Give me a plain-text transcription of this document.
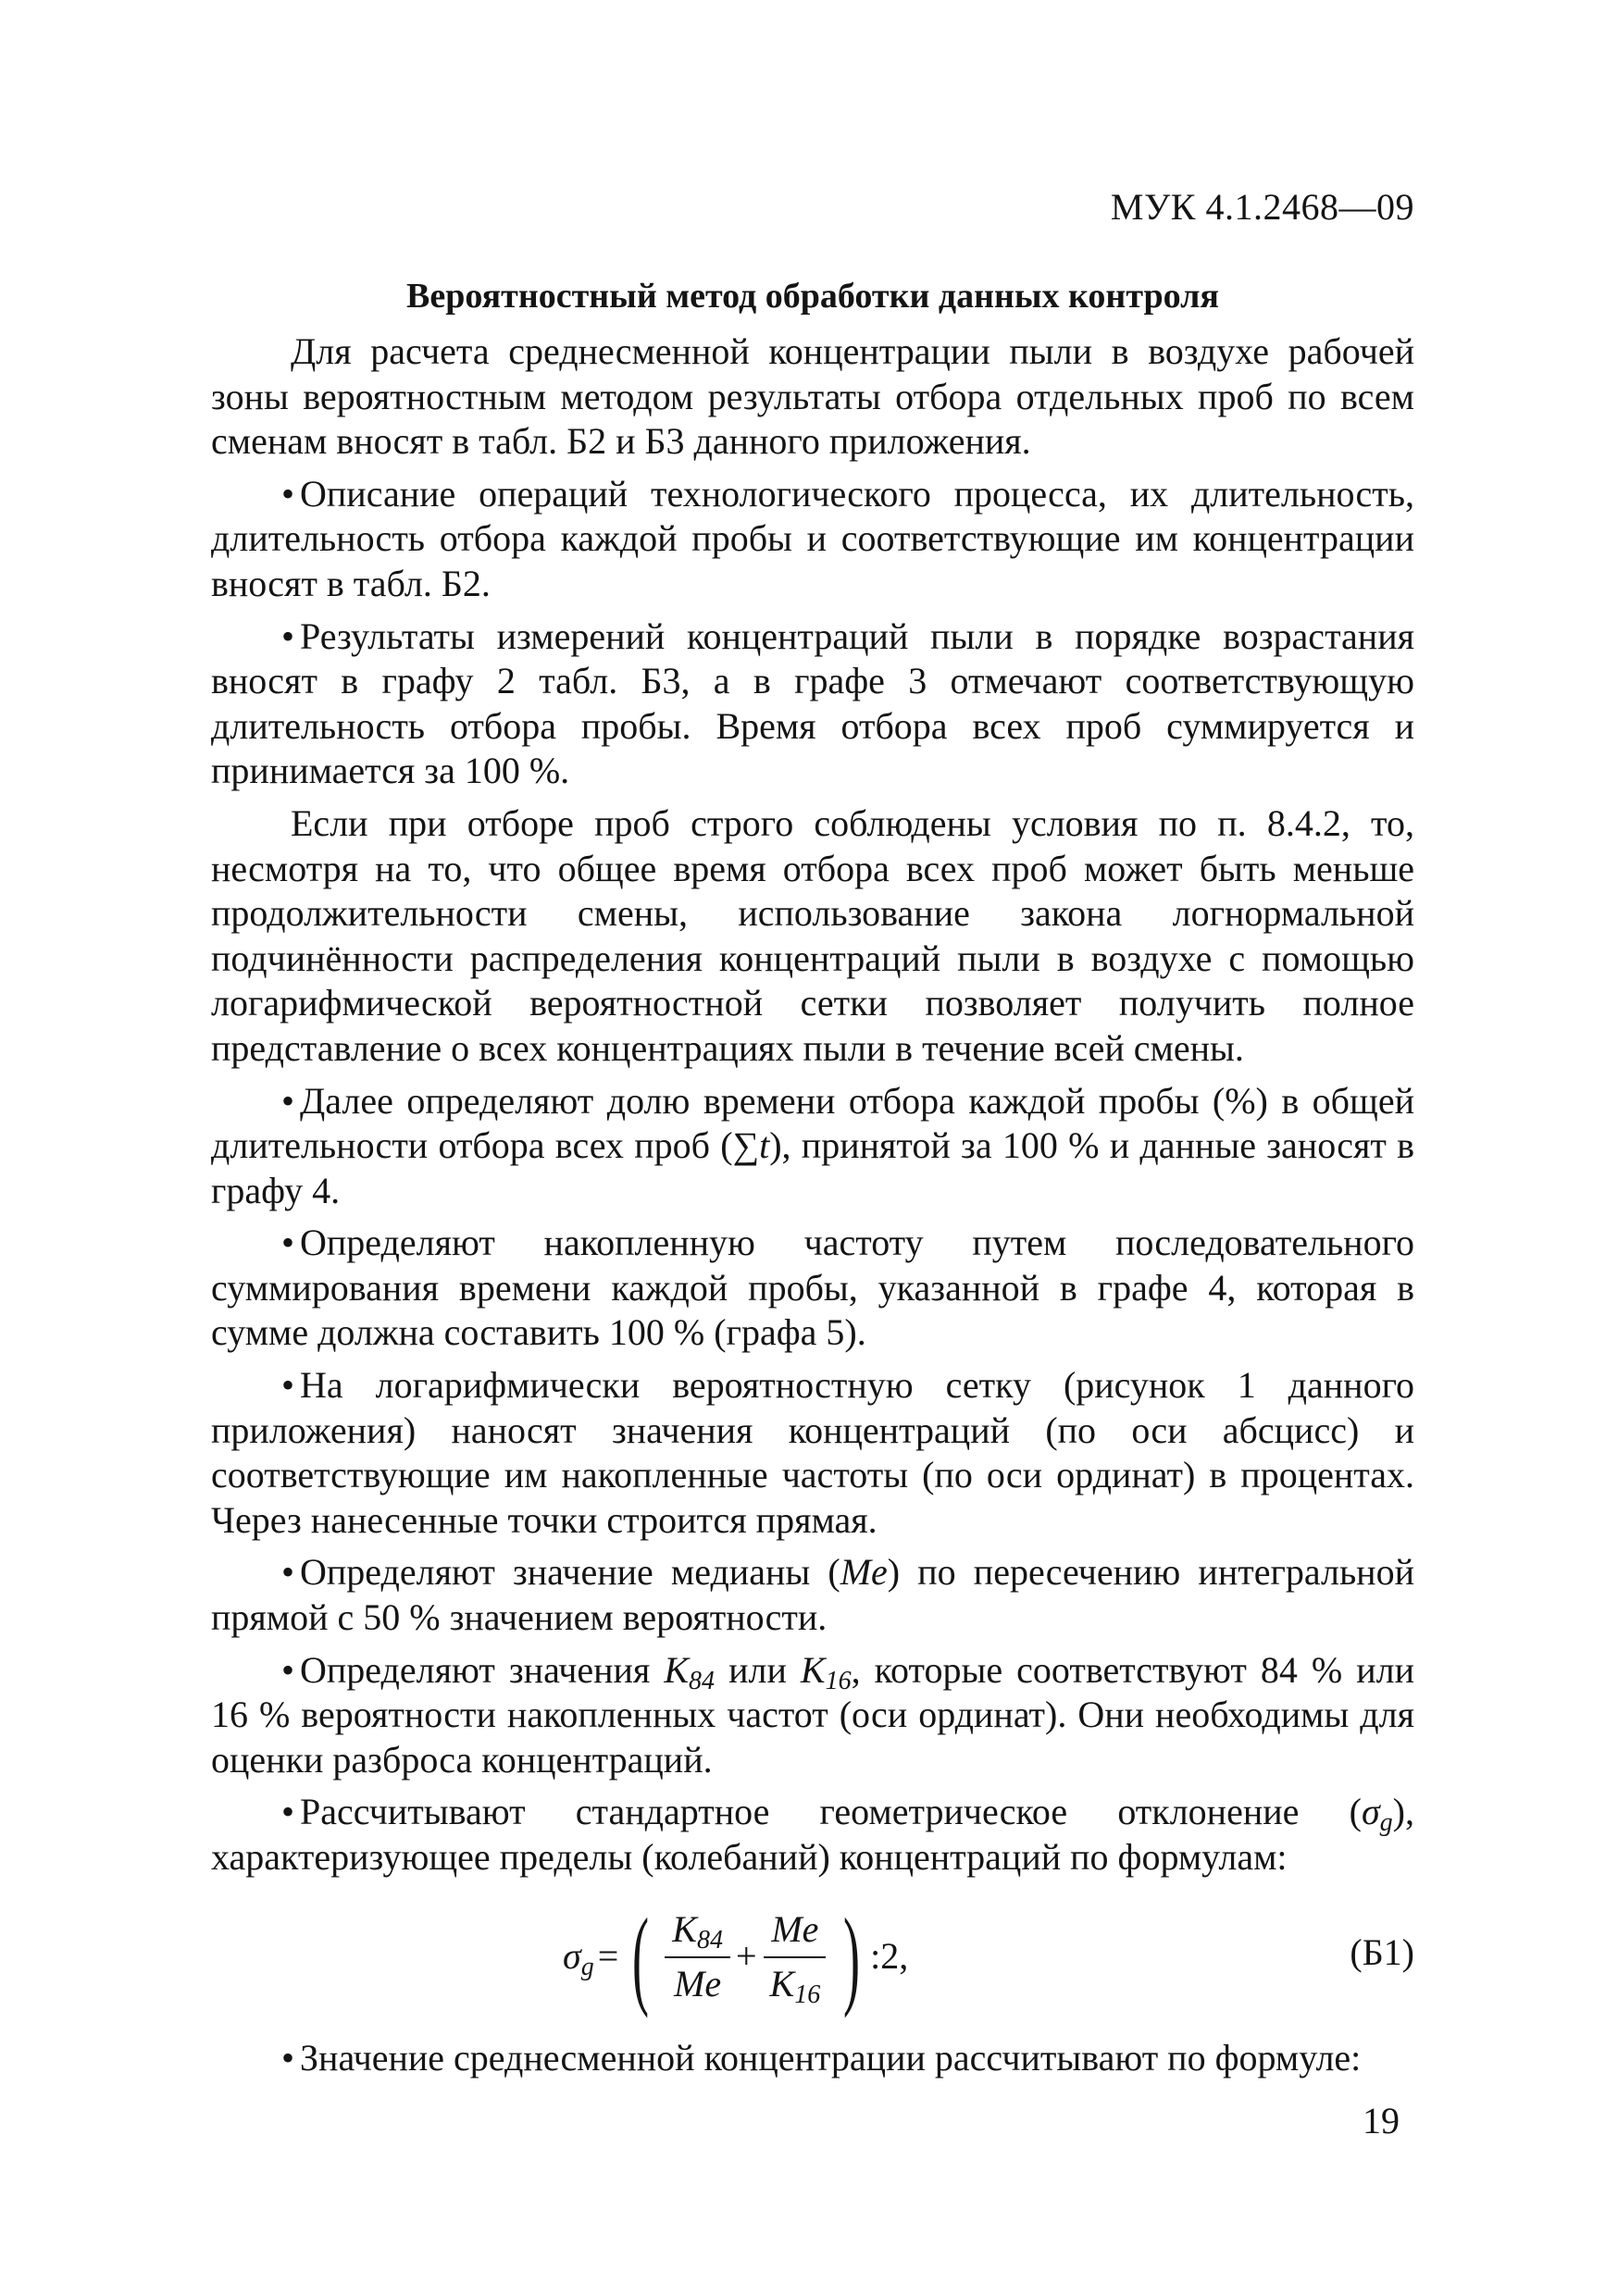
МУК 4.1.2468—09
Вероятностный метод обработки данных контроля

Для расчета среднесменной концентрации пыли в воздухе рабочей зоны вероятностным методом результаты отбора отдельных проб по всем сменам вносят в табл. Б2 и Б3 данного приложения.

• Описание операций технологического процесса, их длительность, длительность отбора каждой пробы и соответствующие им концентрации вносят в табл. Б2.

• Результаты измерений концентраций пыли в порядке возрастания вносят в графу 2 табл. Б3, а в графе 3 отмечают соответствующую длительность отбора пробы. Время отбора всех проб суммируется и принимается за 100 %.

Если при отборе проб строго соблюдены условия по п. 8.4.2, то, несмотря на то, что общее время отбора всех проб может быть меньше продолжительности смены, использование закона логнормальной подчинённости распределения концентраций пыли в воздухе с помощью логарифмической вероятностной сетки позволяет получить полное представление о всех концентрациях пыли в течение всей смены.

• Далее определяют долю времени отбора каждой пробы (%) в общей длительности отбора всех проб (∑t), принятой за 100 % и данные заносят в графу 4.

• Определяют накопленную частоту путем последовательного суммирования времени каждой пробы, указанной в графе 4, которая в сумме должна составить 100 % (графа 5).

• На логарифмически вероятностную сетку (рисунок 1 данного приложения) наносят значения концентраций (по оси абсцисс) и соответствующие им накопленные частоты (по оси ординат) в процентах. Через нанесенные точки строится прямая.

• Определяют значение медианы (Me) по пересечению интегральной прямой с 50 % значением вероятности.

• Определяют значения $K_{84}$ или $K_{16}$, которые соответствуют 84 % или 16 % вероятности накопленных частот (оси ординат). Они необходимы для оценки разброса концентраций.

• Рассчитывают стандартное геометрическое отклонение $(\sigma_g)$, характеризующее пределы (колебаний) концентраций по формулам:

$\sigma_g$ = ( $\frac{K_{84}}{Me} + \frac{Me}{K_{16}}$ ) :2,	(Б1)

• Значение среднесменной концентрации рассчитывают по формуле:

19
